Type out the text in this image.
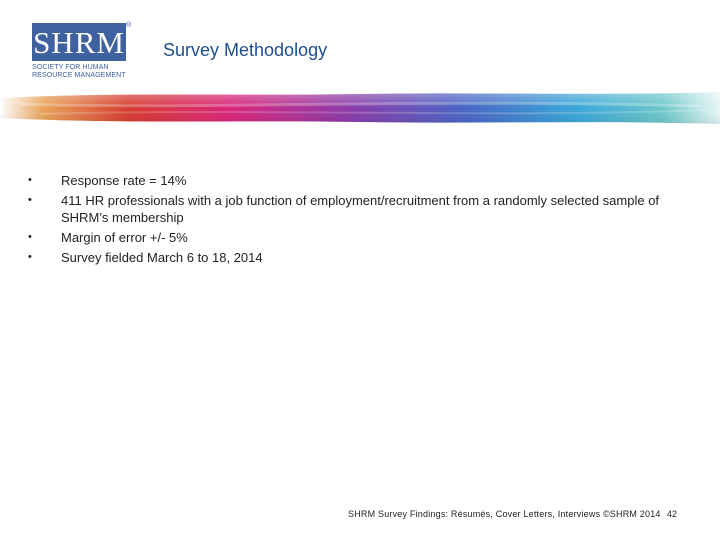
SHRM ®
SOCIETY FOR HUMAN RESOURCE MANAGEMENT
Survey Methodology
• Response rate = 14%
• 411 HR professionals with a job function of employment/recruitment from a randomly selected sample of SHRM’s membership
• Margin of error +/- 5%
• Survey fielded March 6 to 18, 2014
SHRM Survey Findings: Résumés, Cover Letters, Interviews ©SHRM 2014 42
